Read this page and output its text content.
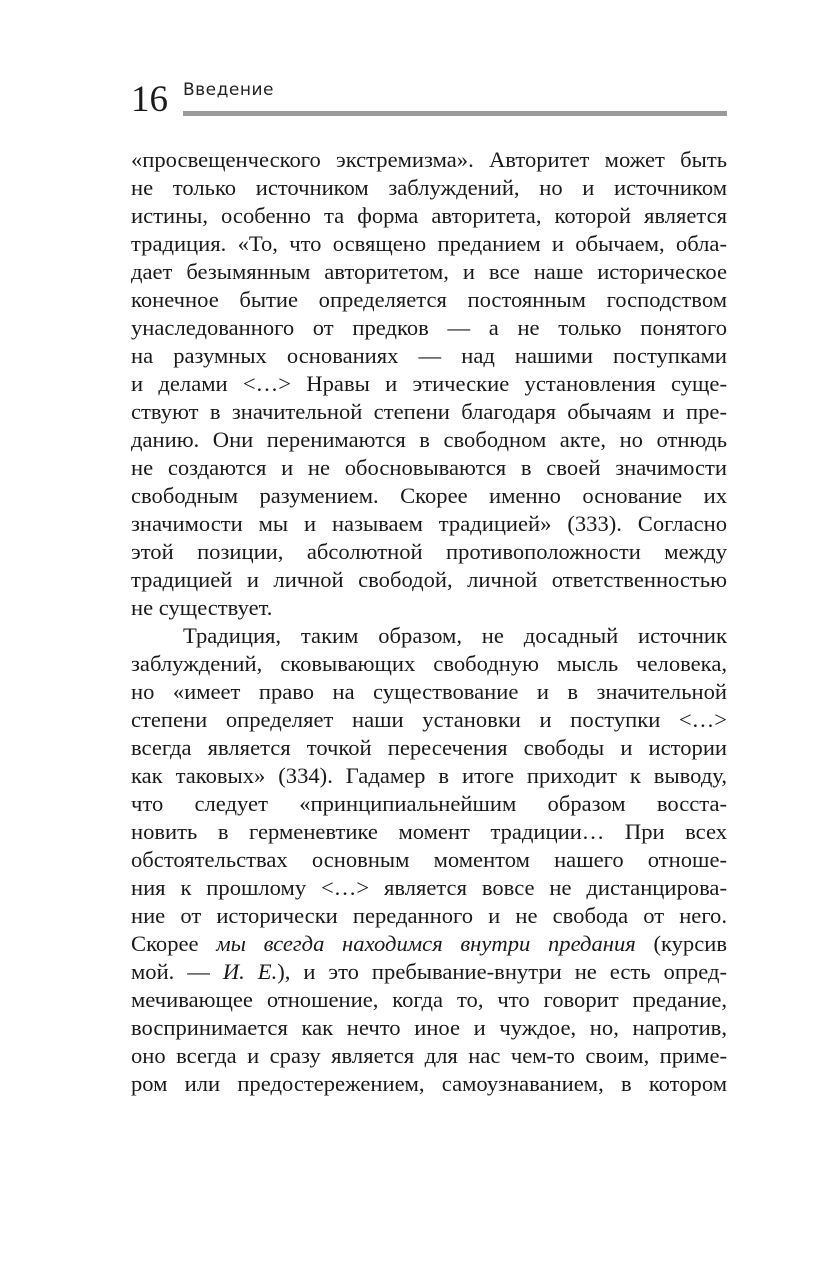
16 Введение
«просвещенческого экстремизма». Авторитет может быть
не только источником заблуждений, но и источником
истины, особенно та форма авторитета, которой является
традиция. «То, что освящено преданием и обычаем, обла-
дает безымянным авторитетом, и все наше историческое
конечное бытие определяется постоянным господством
унаследованного от предков — а не только понятого
на разумных основаниях — над нашими поступками
и делами <…> Нравы и этические установления суще-
ствуют в значительной степени благодаря обычаям и пре-
данию. Они перенимаются в свободном акте, но отнюдь
не создаются и не обосновываются в своей значимости
свободным разумением. Скорее именно основание их
значимости мы и называем традицией» (333). Согласно
этой позиции, абсолютной противоположности между
традицией и личной свободой, личной ответственностью
не существует.
Традиция, таким образом, не досадный источник
заблуждений, сковывающих свободную мысль человека,
но «имеет право на существование и в значительной
степени определяет наши установки и поступки <…>
всегда является точкой пересечения свободы и истории
как таковых» (334). Гадамер в итоге приходит к выводу,
что следует «принципиальнейшим образом восста-
новить в герменевтике момент традиции… При всех
обстоятельствах основным моментом нашего отноше-
ния к прошлому <…> является вовсе не дистанцирова-
ние от исторически переданного и не свобода от него.
Скорее мы всегда находимся внутри предания (курсив
мой. — И. Е.), и это пребывание-внутри не есть опред-
мечивающее отношение, когда то, что говорит предание,
воспринимается как нечто иное и чуждое, но, напротив,
оно всегда и сразу является для нас чем-то своим, приме-
ром или предостережением, самоузнаванием, в котором
